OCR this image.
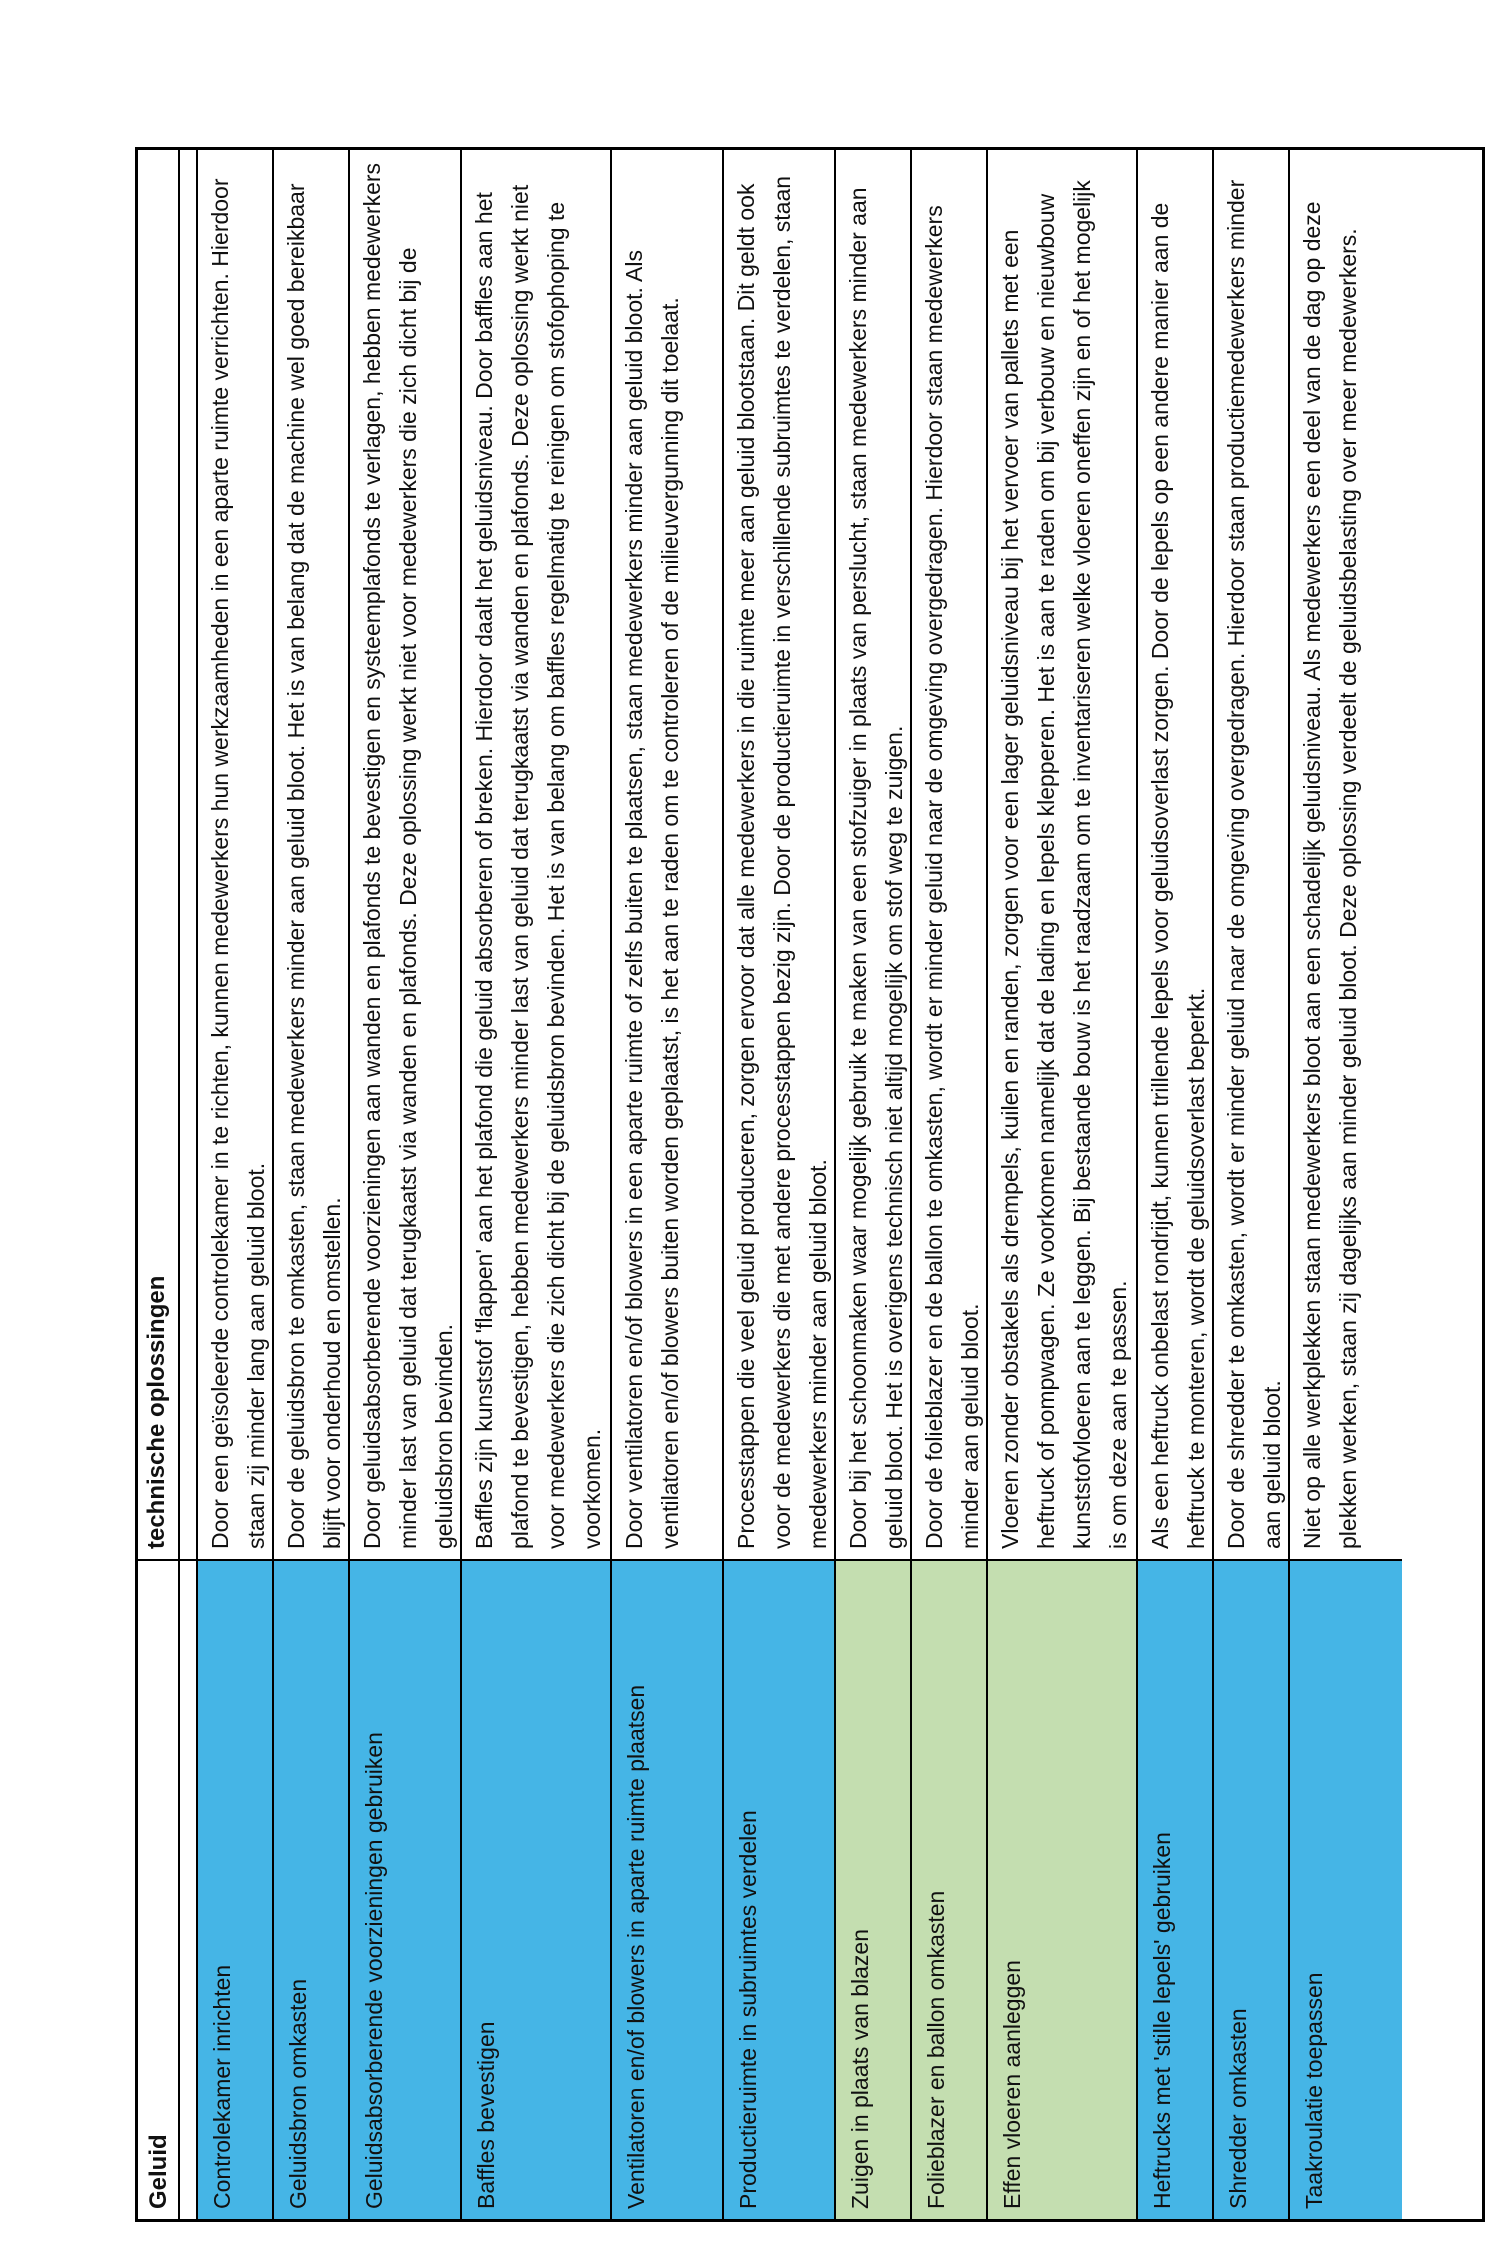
Geluid
technische oplossingen
Controlekamer inrichten
Door een geïsoleerde controlekamer in te richten, kunnen medewerkers hun werkzaamheden in een aparte ruimte verrichten. Hierdoor staan zij minder lang aan geluid bloot.
Geluidsbron omkasten
Door de geluidsbron te omkasten, staan medewerkers minder aan geluid bloot. Het is van belang dat de machine wel goed bereikbaar blijft voor onderhoud en omstellen.
Geluidsabsorberende voorzieningen gebruiken
Door geluidsabsorberende voorzieningen aan wanden en plafonds te bevestigen en systeemplafonds te verlagen, hebben medewerkers minder last van geluid dat terugkaatst via wanden en plafonds. Deze oplossing werkt niet voor medewerkers die zich dicht bij de geluidsbron bevinden.
Baffles bevestigen
Baffles zijn kunststof 'flappen' aan het plafond die geluid absorberen of breken. Hierdoor daalt het geluidsniveau. Door baffles aan het plafond te bevestigen, hebben medewerkers minder last van geluid dat terugkaatst via wanden en plafonds. Deze oplossing werkt niet voor medewerkers die zich dicht bij de geluidsbron bevinden. Het is van belang om baffles regelmatig te reinigen om stofophoping te voorkomen.
Ventilatoren en/of blowers in aparte ruimte plaatsen
Door ventilatoren en/of blowers in een aparte ruimte of zelfs buiten te plaatsen, staan medewerkers minder aan geluid bloot. Als ventilatoren en/of blowers buiten worden geplaatst, is het aan te raden om te controleren of de milieuvergunning dit toelaat.
Productieruimte in subruimtes verdelen
Processtappen die veel geluid produceren, zorgen ervoor dat alle medewerkers in die ruimte meer aan geluid blootstaan. Dit geldt ook voor de medewerkers die met andere processtappen bezig zijn. Door de productieruimte in verschillende subruimtes te verdelen, staan medewerkers minder aan geluid bloot.
Zuigen in plaats van blazen
Door bij het schoonmaken waar mogelijk gebruik te maken van een stofzuiger in plaats van perslucht, staan medewerkers minder aan geluid bloot. Het is overigens technisch niet altijd mogelijk om stof weg te zuigen.
Folieblazer en ballon omkasten
Door de folieblazer en de ballon te omkasten, wordt er minder geluid naar de omgeving overgedragen. Hierdoor staan medewerkers minder aan geluid bloot.
Effen vloeren aanleggen
Vloeren zonder obstakels als drempels, kuilen en randen, zorgen voor een lager geluidsniveau bij het vervoer van pallets met een heftruck of pompwagen. Ze voorkomen namelijk dat de lading en lepels klepperen. Het is aan te raden om bij verbouw en nieuwbouw kunststofvloeren aan te leggen. Bij bestaande bouw is het raadzaam om te inventariseren welke vloeren oneffen zijn en of het mogelijk is om deze aan te passen.
Heftrucks met 'stille lepels' gebruiken
Als een heftruck onbelast rondrijdt, kunnen trillende lepels voor geluidsoverlast zorgen. Door de lepels op een andere manier aan de heftruck te monteren, wordt de geluidsoverlast beperkt.
Shredder omkasten
Door de shredder te omkasten, wordt er minder geluid naar de omgeving overgedragen. Hierdoor staan productiemedewerkers minder aan geluid bloot.
Taakroulatie toepassen
Niet op alle werkplekken staan medewerkers bloot aan een schadelijk geluidsniveau. Als medewerkers een deel van de dag op deze plekken werken, staan zij dagelijks aan minder geluid bloot. Deze oplossing verdeelt de geluidsbelasting over meer medewerkers.
